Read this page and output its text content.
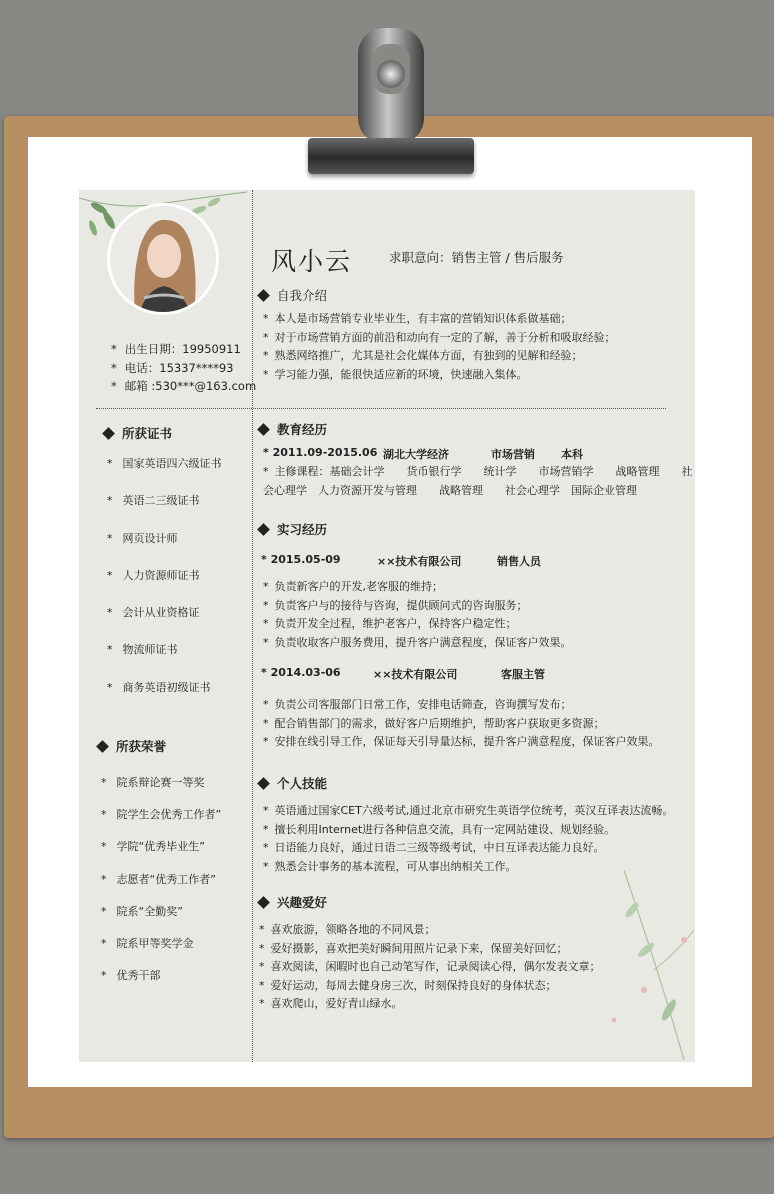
* 出生日期：19950911
* 电话：15337****93
* 邮箱 :530***@163.com
风小云	求职意向：销售主管 / 售后服务
自我介绍
* 本人是市场营销专业毕业生，有丰富的营销知识体系做基础；
* 对于市场营销方面的前沿和动向有一定的了解，善于分析和吸取经验；
* 熟悉网络推广，尤其是社会化媒体方面，有独到的见解和经验；
* 学习能力强，能很快适应新的环境，快速融入集体。
所获证书
* 国家英语四六级证书
* 英语二三级证书
* 网页设计师
* 人力资源师证书
* 会计从业资格证
* 物流师证书
* 商务英语初级证书
所获荣誉
* 院系辩论赛一等奖
* 院学生会优秀工作者”
* 学院“优秀毕业生”
* 志愿者“优秀工作者”
* 院系“全勤奖”
* 院系甲等奖学金
* 优秀干部
教育经历
* 2011.09-2015.06 湖北大学经济	市场营销	本科
* 主修课程：基础会计学　　货币银行学　　统计学　　市场营销学　　战略管理　　社
会心理学　人力资源开发与管理　　战略管理　　社会心理学　国际企业管理
实习经历
* 2015.05-09	××技术有限公司	销售人员
* 负责新客户的开发,老客服的维持；
* 负责客户与的接待与咨询，提供顾问式的咨询服务；
* 负责开发全过程，维护老客户，保持客户稳定性；
* 负责收取客户服务费用，提升客户满意程度，保证客户效果。
* 2014.03-06	××技术有限公司	客服主管
* 负责公司客服部门日常工作，安排电话筛查，咨询撰写发布；
* 配合销售部门的需求，做好客户后期维护，帮助客户获取更多资源；
* 安排在线引导工作，保证每天引导量达标，提升客户满意程度，保证客户效果。
个人技能
* 英语通过国家CET六级考试,通过北京市研究生英语学位统考，英汉互译表达流畅。
* 擅长利用Internet进行各种信息交流，具有一定网站建设、规划经验。
* 日语能力良好，通过日语二三级等级考试，中日互译表达能力良好。
* 熟悉会计事务的基本流程，可从事出纳相关工作。
兴趣爱好
* 喜欢旅游，领略各地的不同风景；
* 爱好摄影，喜欢把美好瞬间用照片记录下来，保留美好回忆；
* 喜欢阅读，闲暇时也自己动笔写作，记录阅读心得，偶尔发表文章；
* 爱好运动，每周去健身房三次，时刻保持良好的身体状态；
* 喜欢爬山，爱好青山绿水。
